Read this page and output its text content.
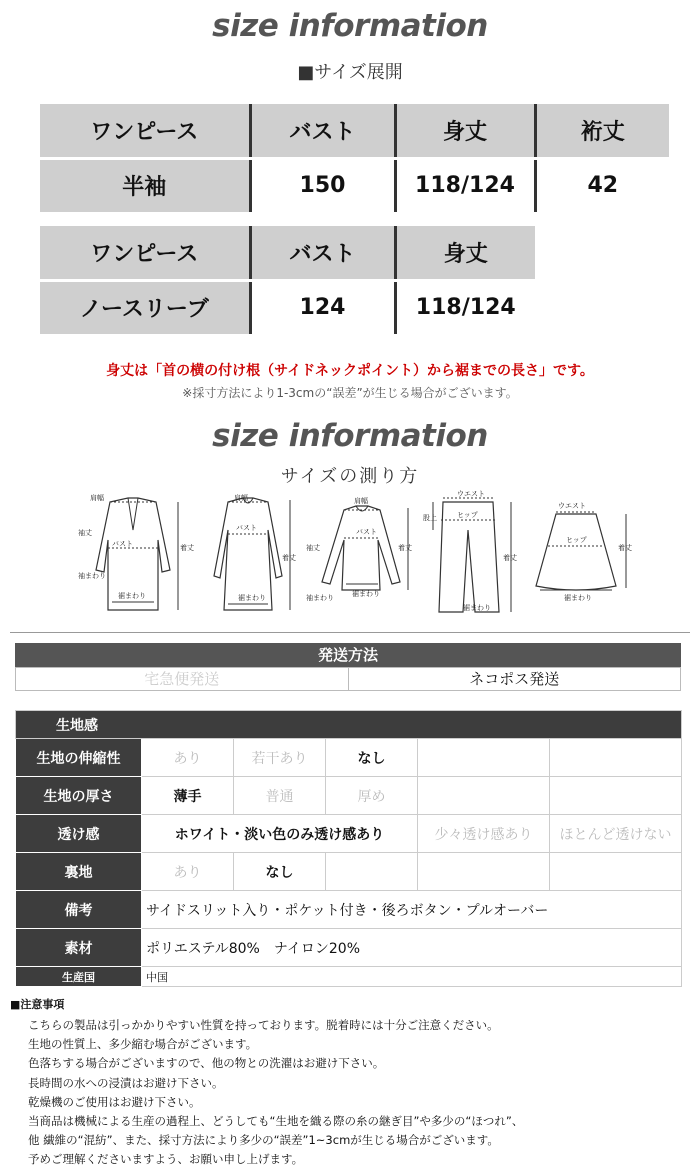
size information
■サイズ展開
ワンピース	バスト	身丈	裄丈
半袖	150	118/124	42
ワンピース	バスト	身丈
ノースリーブ	124	118/124
身丈は「首の横の付け根（サイドネックポイント）から裾までの長さ」です。
※採寸方法により1-3cmの“誤差”が生じる場合がございます。
size information
サイズの測り方
肩幅
袖丈
バスト
袖まわり
裾まわり
着丈
肩幅
バスト
裾まわり
着丈
肩幅
バスト
袖丈
袖まわり	裾まわり
着丈
ウエスト
ヒップ
股上
裾まわり
着丈
ウエスト
ヒップ
裾まわり
着丈
発送方法
宅急便発送	ネコポス発送
生地感					
生地の伸縮性	あり	若干あり	なし		
生地の厚さ	薄手	普通	厚め		
透け感	ホワイト・淡い色のみ透け感あり			少々透け感あり	ほとんど透けない
裏地	あり	なし			
備考	サイドスリット入り・ポケット付き・後ろボタン・プルオーバー				
素材	ポリエステル80%　ナイロン20%				
生産国	中国				
■注意事項
こちらの製品は引っかかりやすい性質を持っております。脱着時には十分ご注意ください。
生地の性質上、多少縮む場合がございます。
色落ちする場合がございますので、他の物との洗濯はお避け下さい。
長時間の水への浸漬はお避け下さい。
乾燥機のご使用はお避け下さい。
当商品は機械による生産の過程上、どうしても“生地を織る際の糸の継ぎ目”や多少の“ほつれ”、
他 繊維の“混紡”、また、採寸方法により多少の“誤差”1~3cmが生じる場合がございます。
予めご理解くださいますよう、お願い申し上げます。
